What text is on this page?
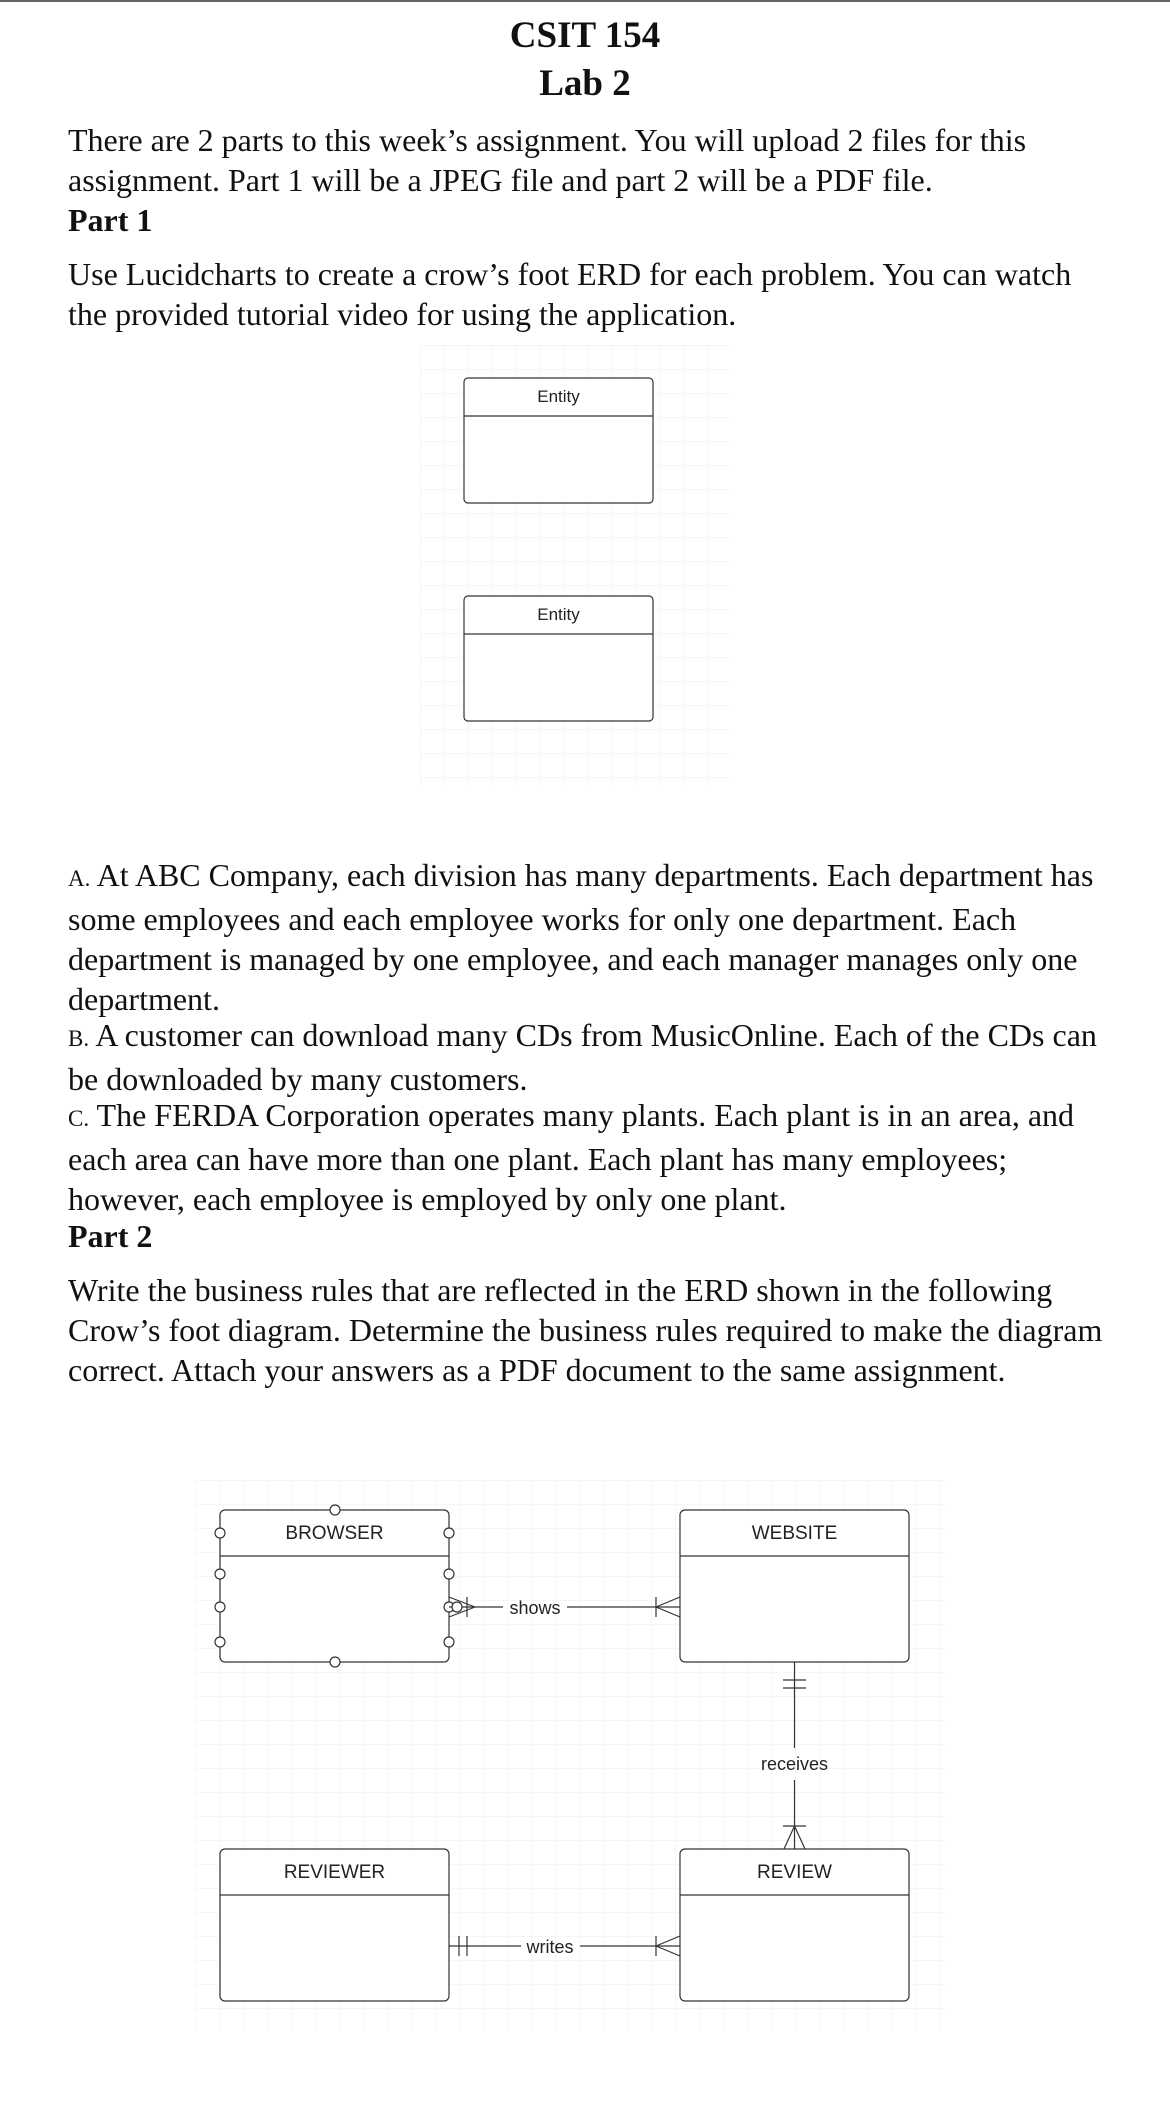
CSIT 154
Lab 2
There are 2 parts to this week’s assignment. You will upload 2 files for this assignment. Part 1 will be a JPEG file and part 2 will be a PDF file.
Part 1
Use Lucidcharts to create a crow’s foot ERD for each problem. You can watch the provided tutorial video for using the application.
Entity
Entity
A. At ABC Company, each division has many departments. Each department has some employees and each employee works for only one department. Each department is managed by one employee, and each manager manages only one department.
B. A customer can download many CDs from MusicOnline. Each of the CDs can be downloaded by many customers.
C. The FERDA Corporation operates many plants. Each plant is in an area, and each area can have more than one plant. Each plant has many employees; however, each employee is employed by only one plant.
Part 2
Write the business rules that are reflected in the ERD shown in the following Crow’s foot diagram. Determine the business rules required to make the diagram correct. Attach your answers as a PDF document to the same assignment.
BROWSER	WEBSITE
REVIEWER	REVIEW
shows
receives
writes
